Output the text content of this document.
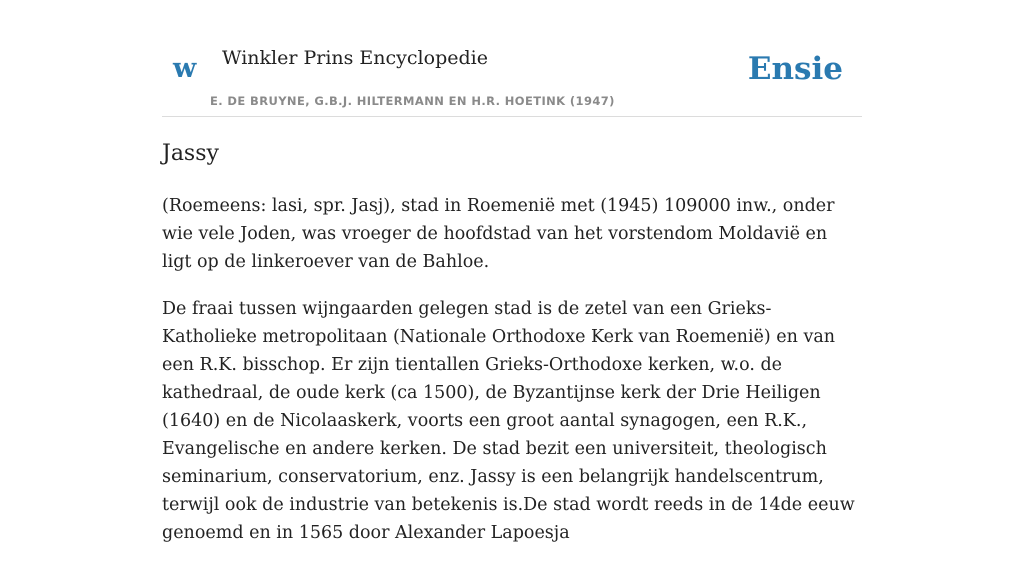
w Winkler Prins Encyclopedie
E. DE BRUYNE, G.B.J. HILTERMANN EN H.R. HOETINK (1947)
Ensie
Jassy

(Roemeens: lasi, spr. Jasj), stad in Roemenië met (1945) 109000 inw., onder wie vele Joden, was vroeger de hoofdstad van het vorstendom Moldavië en ligt op de linkeroever van de Bahloe.

De fraai tussen wijngaarden gelegen stad is de zetel van een Grieks-Katholieke metropolitaan (Nationale Orthodoxe Kerk van Roemenië) en van een R.K. bisschop. Er zijn tientallen Grieks-Orthodoxe kerken, w.o. de kathedraal, de oude kerk (ca 1500), de Byzantijnse kerk der Drie Heiligen (1640) en de Nicolaaskerk, voorts een groot aantal synagogen, een R.K., Evangelische en andere kerken. De stad bezit een universiteit, theologisch seminarium, conservatorium, enz. Jassy is een belangrijk handelscentrum, terwijl ook de industrie van betekenis is.De stad wordt reeds in de 14de eeuw genoemd en in 1565 door Alexander Lapoesja
